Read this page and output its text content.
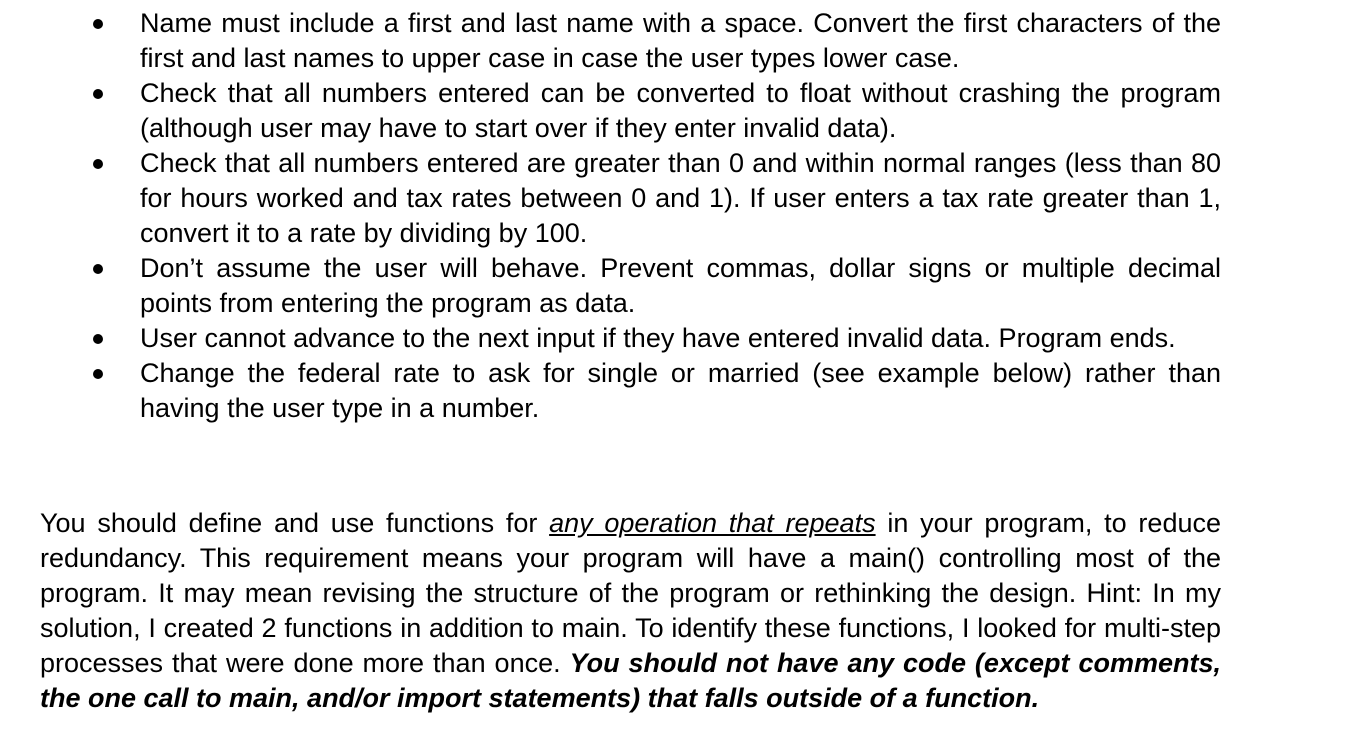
Name must include a first and last name with a space. Convert the first characters of the first and last names to upper case in case the user types lower case.

Check that all numbers entered can be converted to float without crashing the program (although user may have to start over if they enter invalid data).

Check that all numbers entered are greater than 0 and within normal ranges (less than 80 for hours worked and tax rates between 0 and 1). If user enters a tax rate greater than 1, convert it to a rate by dividing by 100.

Don’t assume the user will behave. Prevent commas, dollar signs or multiple decimal points from entering the program as data.

User cannot advance to the next input if they have entered invalid data. Program ends.

Change the federal rate to ask for single or married (see example below) rather than having the user type in a number.

You should define and use functions for any operation that repeats in your program, to reduce redundancy. This requirement means your program will have a main() controlling most of the program. It may mean revising the structure of the program or rethinking the design. Hint: In my solution, I created 2 functions in addition to main. To identify these functions, I looked for multi-step processes that were done more than once. You should not have any code (except comments, the one call to main, and/or import statements) that falls outside of a function.
